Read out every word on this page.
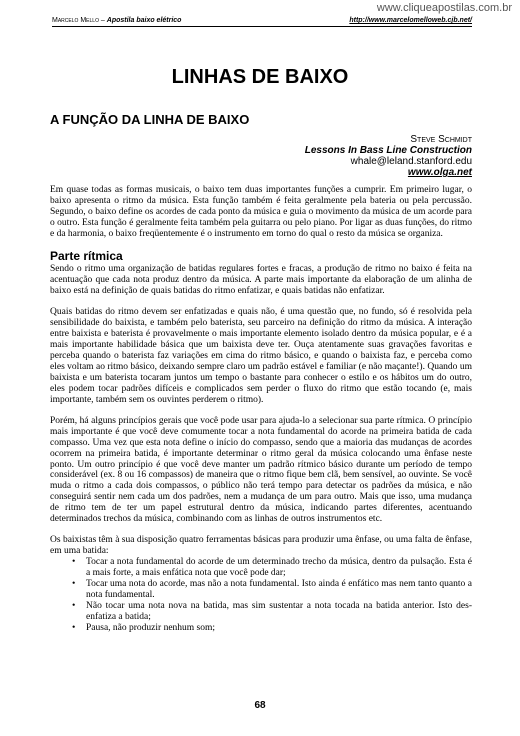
www.cliqueapostilas.com.br
Marcelo Mello – Apostila baixo elétrico	http://www.marcelomelloweb.cjb.net/
LINHAS DE BAIXO
A FUNÇÃO DA LINHA DE BAIXO
Steve Schmidt
Lessons In Bass Line Construction
whale@leland.stanford.edu
www.olga.net

Em quase todas as formas musicais, o baixo tem duas importantes funções a cumprir. Em primeiro lugar, o baixo apresenta o ritmo da música. Esta função também é feita geralmente pela bateria ou pela percussão. Segundo, o baixo define os acordes de cada ponto da música e guia o movimento da música de um acorde para o outro. Esta função é geralmente feita também pela guitarra ou pelo piano. Por ligar as duas funções, do ritmo e da harmonia, o baixo freqüentemente é o instrumento em torno do qual o resto da música se organiza.

Parte rítmica

Sendo o ritmo uma organização de batidas regulares fortes e fracas, a produção de ritmo no baixo é feita na acentuação que cada nota produz dentro da música. A parte mais importante da elaboração de um alinha de baixo está na definição de quais batidas do ritmo enfatizar, e quais batidas não enfatizar.

Quais batidas do ritmo devem ser enfatizadas e quais não, é uma questão que, no fundo, só é resolvida pela sensibilidade do baixista, e também pelo baterista, seu parceiro na definição do ritmo da música. A interação entre baixista e baterista é provavelmente o mais importante elemento isolado dentro da música popular, e é a mais importante habilidade básica que um baixista deve ter. Ouça atentamente suas gravações favoritas e perceba quando o baterista faz variações em cima do ritmo básico, e quando o baixista faz, e perceba como eles voltam ao ritmo básico, deixando sempre claro um padrão estável e familiar (e não maçante!). Quando um baixista e um baterista tocaram juntos um tempo o bastante para conhecer o estilo e os hábitos um do outro, eles podem tocar padrões difíceis e complicados sem perder o fluxo do ritmo que estão tocando (e, mais importante, também sem os ouvintes perderem o ritmo).

Porém, há alguns princípios gerais que você pode usar para ajuda-lo a selecionar sua parte rítmica. O princípio mais importante é que você deve comumente tocar a nota fundamental do acorde na primeira batida de cada compasso. Uma vez que esta nota define o início do compasso, sendo que a maioria das mudanças de acordes ocorrem na primeira batida, é importante determinar o ritmo geral da música colocando uma ênfase neste ponto. Um outro princípio é que você deve manter um padrão rítmico básico durante um período de tempo considerável (ex. 8 ou 16 compassos) de maneira que o ritmo fique bem clã, bem sensível, ao ouvinte. Se você muda o ritmo a cada dois compassos, o público não terá tempo para detectar os padrões da música, e não conseguirá sentir nem cada um dos padrões, nem a mudança de um para outro. Mais que isso, uma mudança de ritmo tem de ter um papel estrutural dentro da música, indicando partes diferentes, acentuando determinados trechos da música, combinando com as linhas de outros instrumentos etc.

Os baixistas têm à sua disposição quatro ferramentas básicas para produzir uma ênfase, ou uma falta de ênfase, em uma batida:

• Tocar a nota fundamental do acorde de um determinado trecho da música, dentro da pulsação. Esta é a mais forte, a mais enfática nota que você pode dar;
• Tocar uma nota do acorde, mas não a nota fundamental. Isto ainda é enfático mas nem tanto quanto a nota fundamental.
• Não tocar uma nota nova na batida, mas sim sustentar a nota tocada na batida anterior. Isto des-enfatiza a batida;
• Pausa, não produzir nenhum som;
68
